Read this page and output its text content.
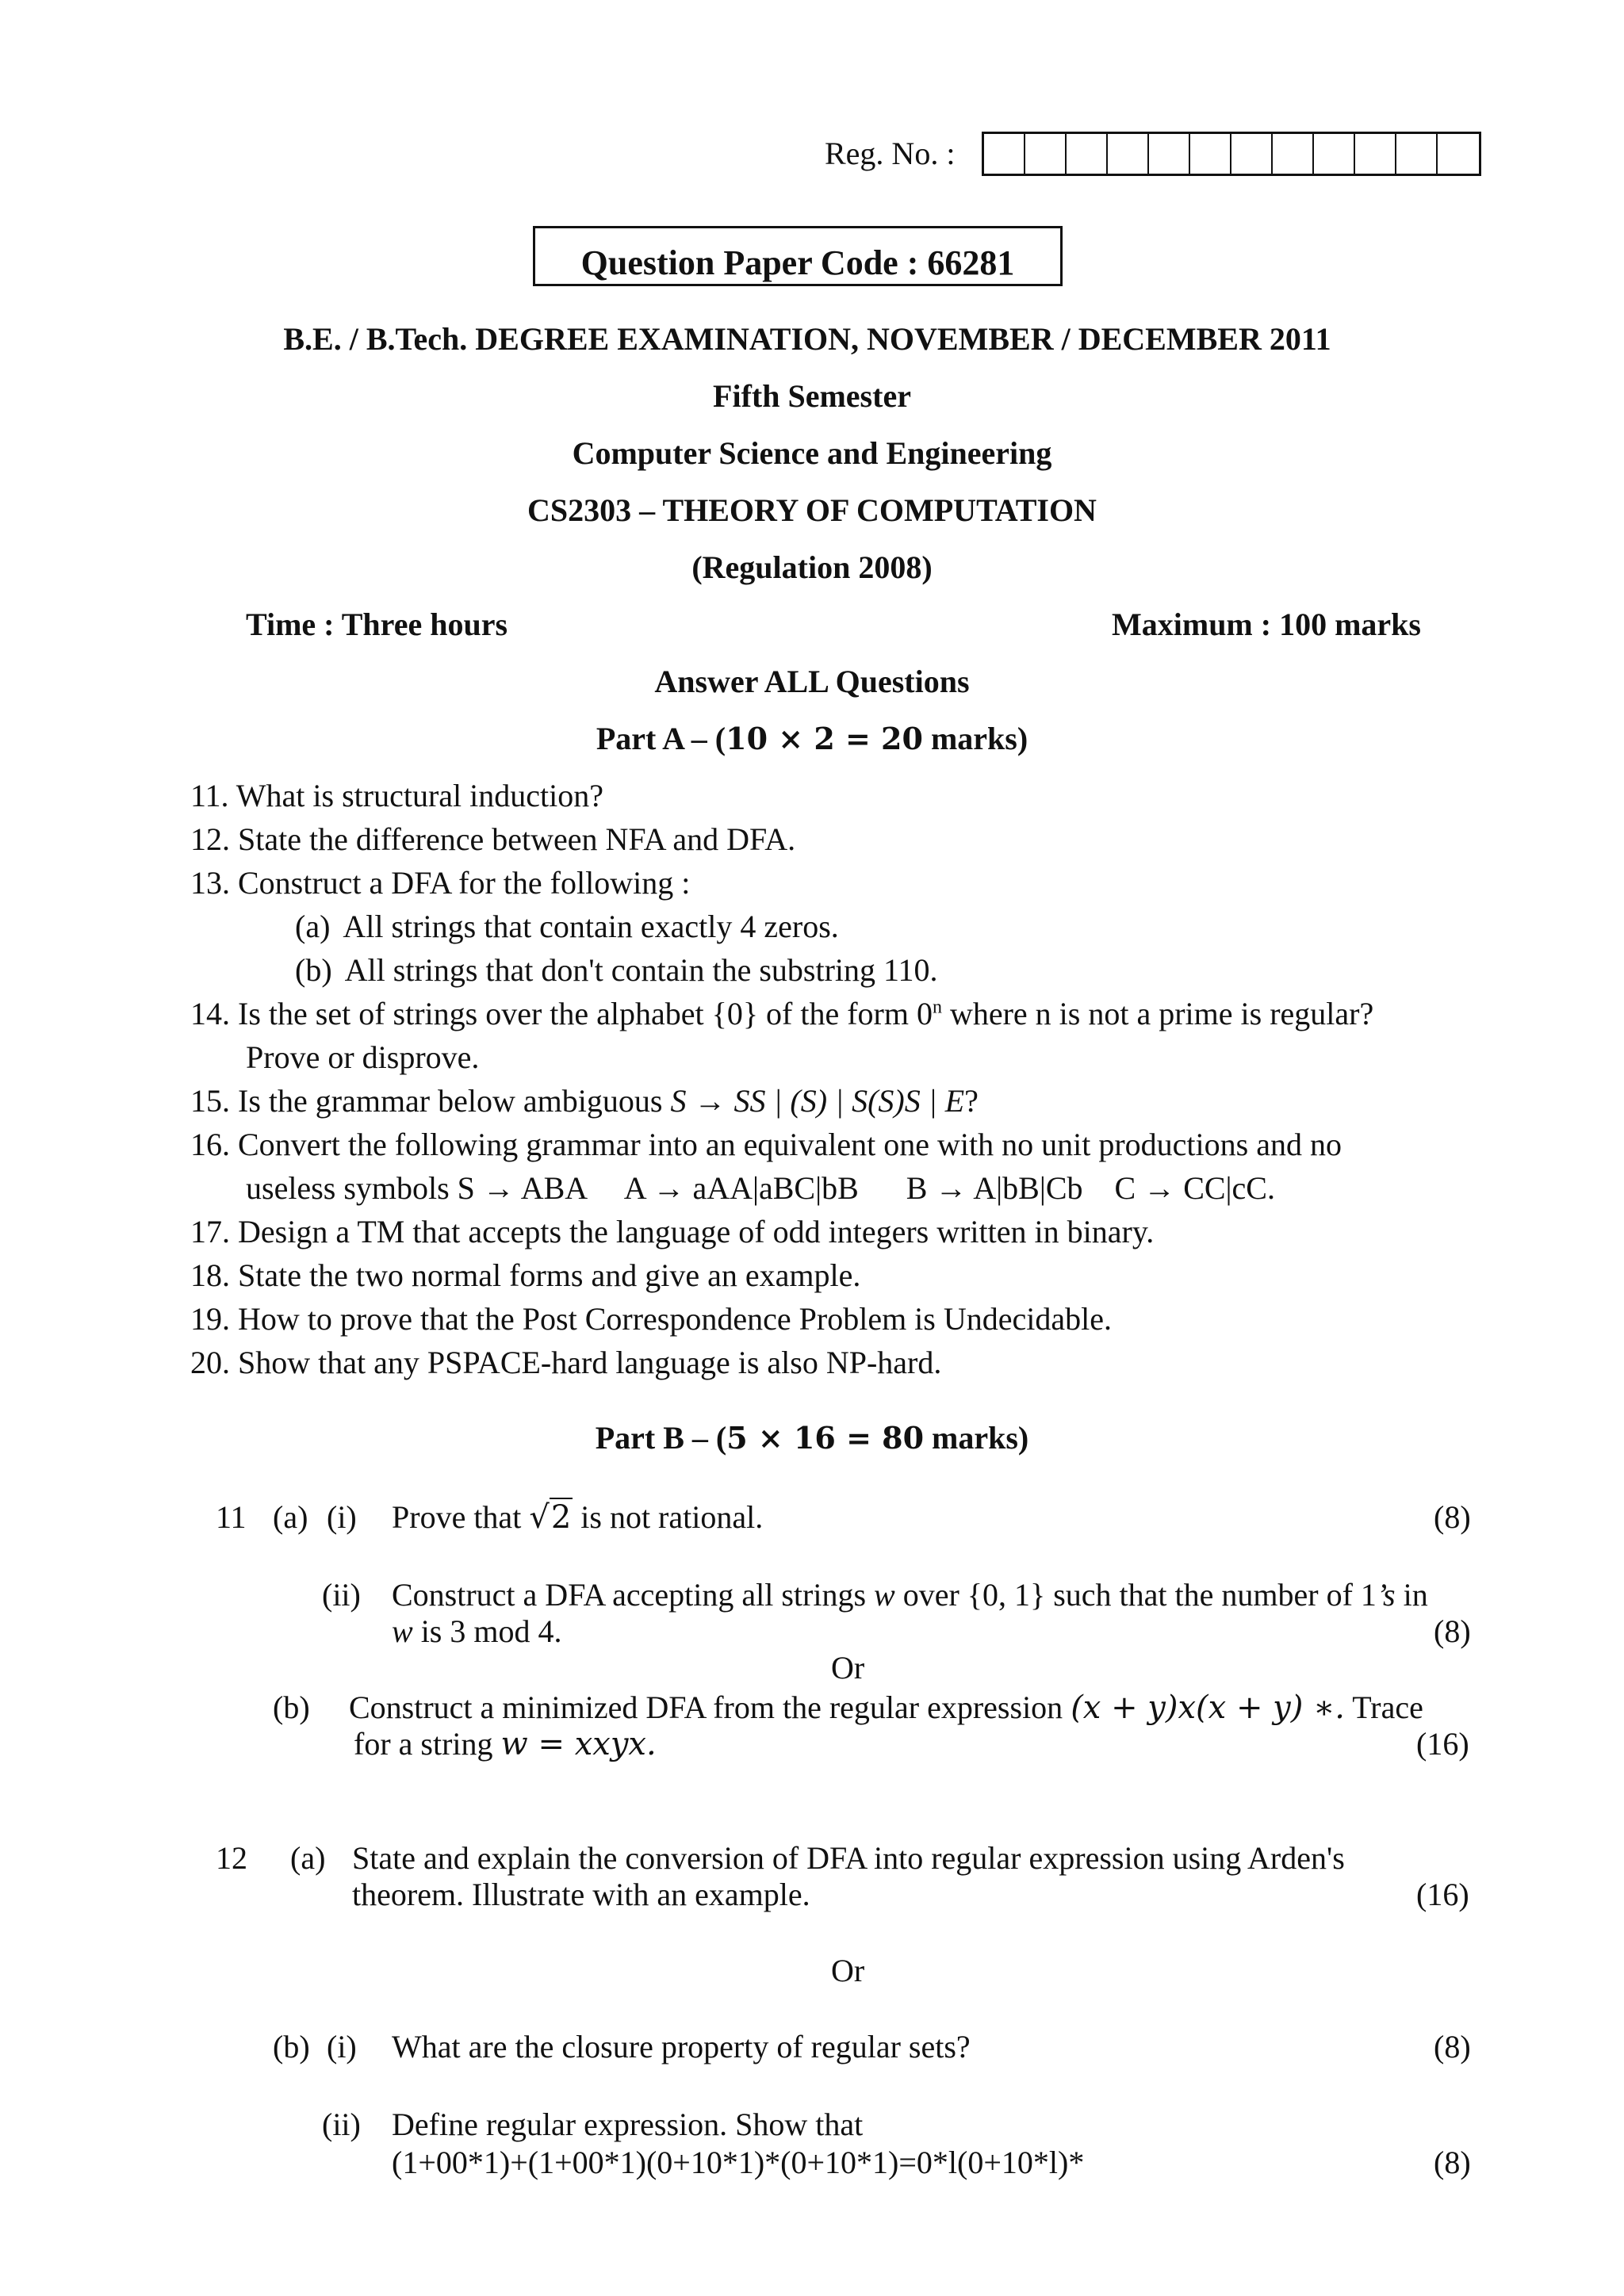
Reg. No. :
Question Paper Code : 66281
B.E. / B.Tech. DEGREE EXAMINATION, NOVEMBER / DECEMBER 2011
Fifth Semester
Computer Science and Engineering
CS2303 – THEORY OF COMPUTATION
(Regulation 2008)
Time : Three hours	Maximum : 100 marks
Answer ALL Questions
Part A – (10 × 2 = 20 marks)
11. What is structural induction?
12. State the difference between NFA and DFA.
13. Construct a DFA for the following :
(a) All strings that contain exactly 4 zeros.
(b) All strings that don't contain the substring 110.
14. Is the set of strings over the alphabet {0} of the form 0$^n$ where n is not a prime is regular?
Prove or disprove.
15. Is the grammar below ambiguous S → SS | (S) | S(S)S | E?
16. Convert the following grammar into an equivalent one with no unit productions and no
useless symbols S → ABA     A → aAA|aBC|bB      B → A|bB|Cb    C → CC|cC.
17. Design a TM that accepts the language of odd integers written in binary.
18. State the two normal forms and give an example.
19. How to prove that the Post Correspondence Problem is Undecidable.
20. Show that any PSPACE-hard language is also NP-hard.
Part B – (5 × 16 = 80 marks)
11 (a) (i) Prove that √2 is not rational.	(8)
(ii) Construct a DFA accepting all strings w over {0, 1} such that the number of 1’s in
w is 3 mod 4.	(8)
Or
(b) Construct a minimized DFA from the regular expression (x + y)x(x + y) ∗. Trace
for a string w = xxyx.	(16)
12 (a) State and explain the conversion of DFA into regular expression using Arden's
theorem. Illustrate with an example.	(16)
Or
(b) (i) What are the closure property of regular sets?	(8)
(ii) Define regular expression. Show that
(1+00*1)+(1+00*1)(0+10*1)*(0+10*1)=0*l(0+10*l)*	(8)
